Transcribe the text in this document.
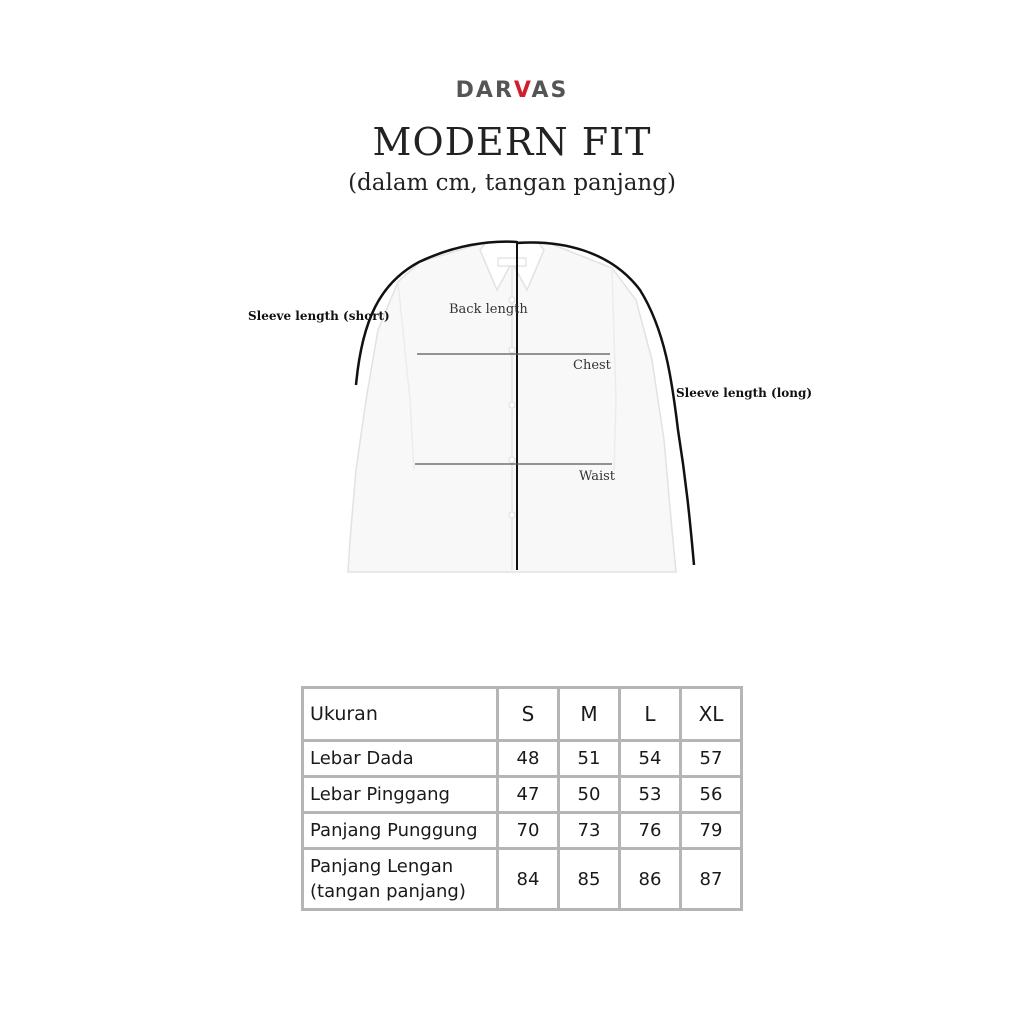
DARVAS
MODERN FIT
(dalam cm, tangan panjang)
Sleeve length (short)	Back length
Chest
Waist
Sleeve length (long)
Ukuran	S	M	L	XL
Lebar Dada	48	51	54	57
Lebar Pinggang	47	50	53	56
Panjang Punggung	70	73	76	79

Panjang Lengan
(tangan panjang)	84	85	86	87
